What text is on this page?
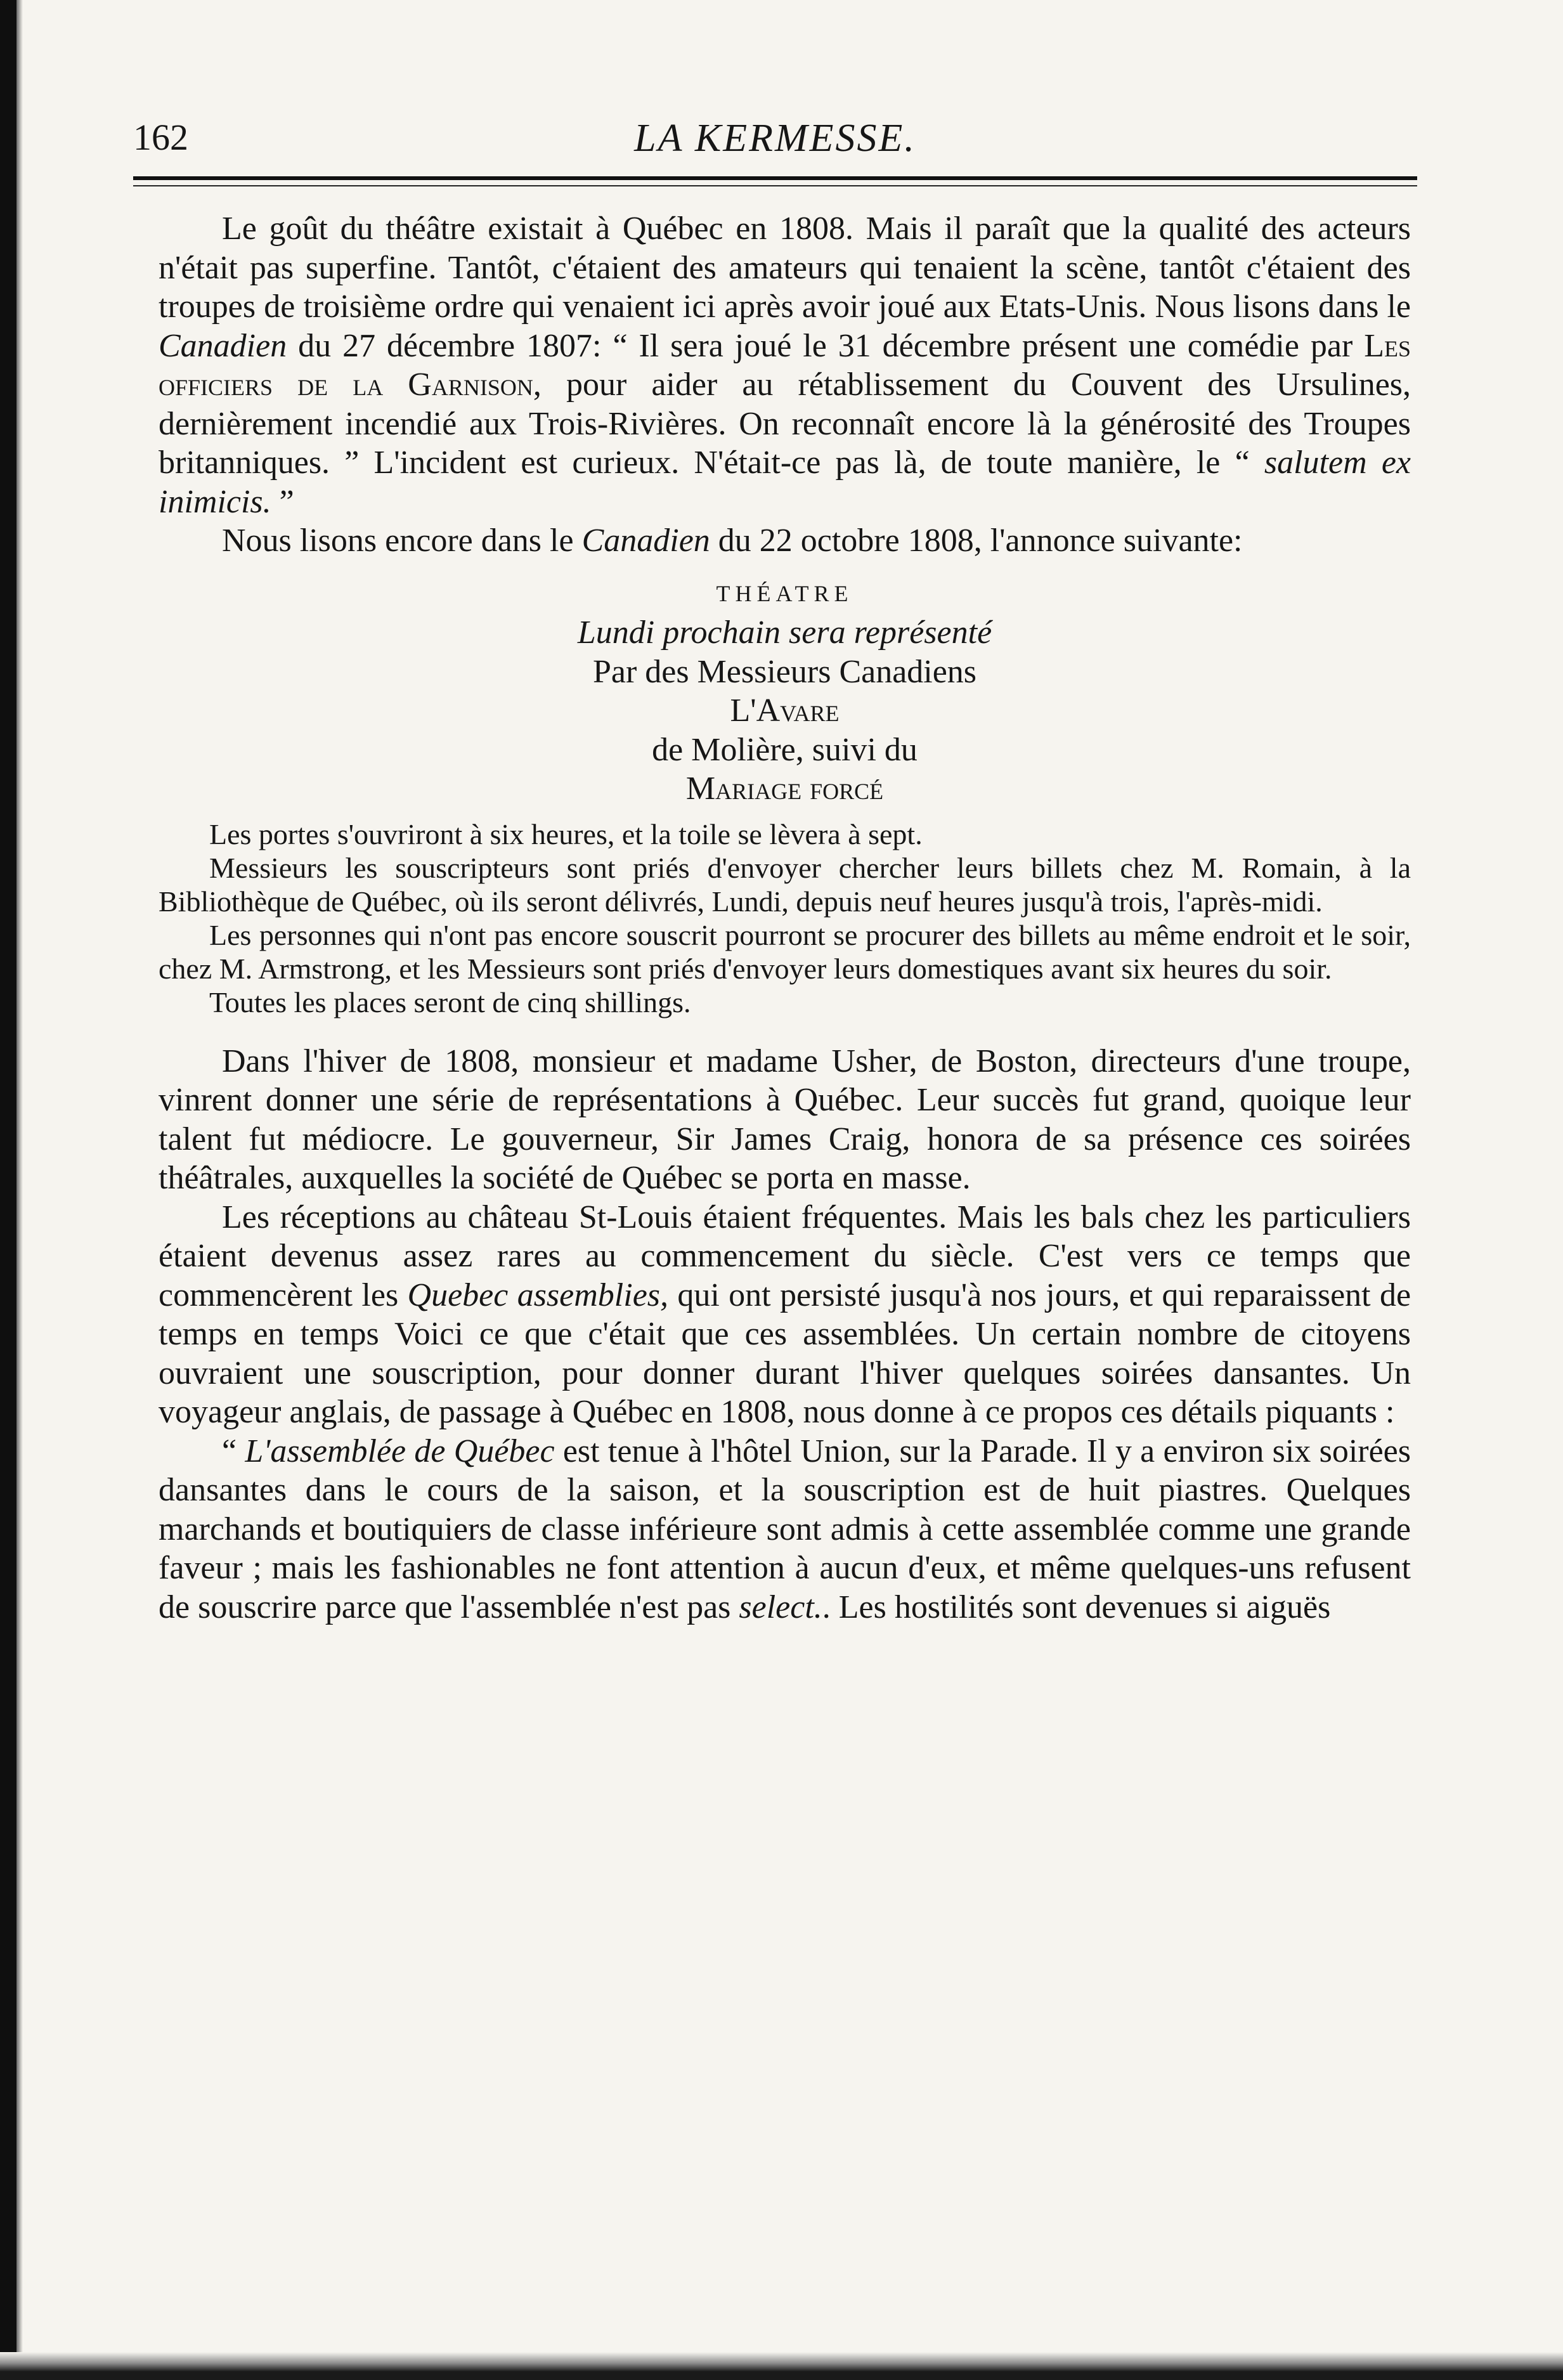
162	LA KERMESSE.

Le goût du théâtre existait à Québec en 1808. Mais il paraît que la qualité des acteurs n'était pas superfine. Tantôt, c'étaient des amateurs qui tenaient la scène, tantôt c'étaient des troupes de troisième ordre qui venaient ici après avoir joué aux Etats-Unis. Nous lisons dans le Canadien du 27 décembre 1807: “ Il sera joué le 31 décembre présent une comédie par Les officiers de la Garnison, pour aider au rétablissement du Couvent des Ursulines, dernièrement incendié aux Trois-Rivières. On reconnaît encore là la générosité des Troupes britanniques. ” L'incident est curieux. N'était-ce pas là, de toute manière, le “ salutem ex inimicis. ”

Nous lisons encore dans le Canadien du 22 octobre 1808, l'annonce suivante:

THÉATRE
Lundi prochain sera représenté
Par des Messieurs Canadiens
L'Avare
de Molière, suivi du
Mariage forcé

Les portes s'ouvriront à six heures, et la toile se lèvera à sept.

Messieurs les souscripteurs sont priés d'envoyer chercher leurs billets chez M. Romain, à la Bibliothèque de Québec, où ils seront délivrés, Lundi, depuis neuf heures jusqu'à trois, l'après-midi.

Les personnes qui n'ont pas encore souscrit pourront se procurer des billets au même endroit et le soir, chez M. Armstrong, et les Messieurs sont priés d'envoyer leurs domestiques avant six heures du soir.

Toutes les places seront de cinq shillings.

Dans l'hiver de 1808, monsieur et madame Usher, de Boston, directeurs d'une troupe, vinrent donner une série de représentations à Québec. Leur succès fut grand, quoique leur talent fut médiocre. Le gouverneur, Sir James Craig, honora de sa présence ces soirées théâtrales, auxquelles la société de Québec se porta en masse.

Les réceptions au château St-Louis étaient fréquentes. Mais les bals chez les particuliers étaient devenus assez rares au commencement du siècle. C'est vers ce temps que commencèrent les Quebec assemblies, qui ont persisté jusqu'à nos jours, et qui reparaissent de temps en temps Voici ce que c'était que ces assemblées. Un certain nombre de citoyens ouvraient une souscription, pour donner durant l'hiver quelques soirées dansantes. Un voyageur anglais, de passage à Québec en 1808, nous donne à ce propos ces détails piquants :

“ L'assemblée de Québec est tenue à l'hôtel Union, sur la Parade. Il y a environ six soirées dansantes dans le cours de la saison, et la souscription est de huit piastres. Quelques marchands et boutiquiers de classe inférieure sont admis à cette assemblée comme une grande faveur ; mais les fashionables ne font attention à aucun d'eux, et même quelques-uns refusent de souscrire parce que l'assemblée n'est pas select.. Les hostilités sont devenues si aiguës
